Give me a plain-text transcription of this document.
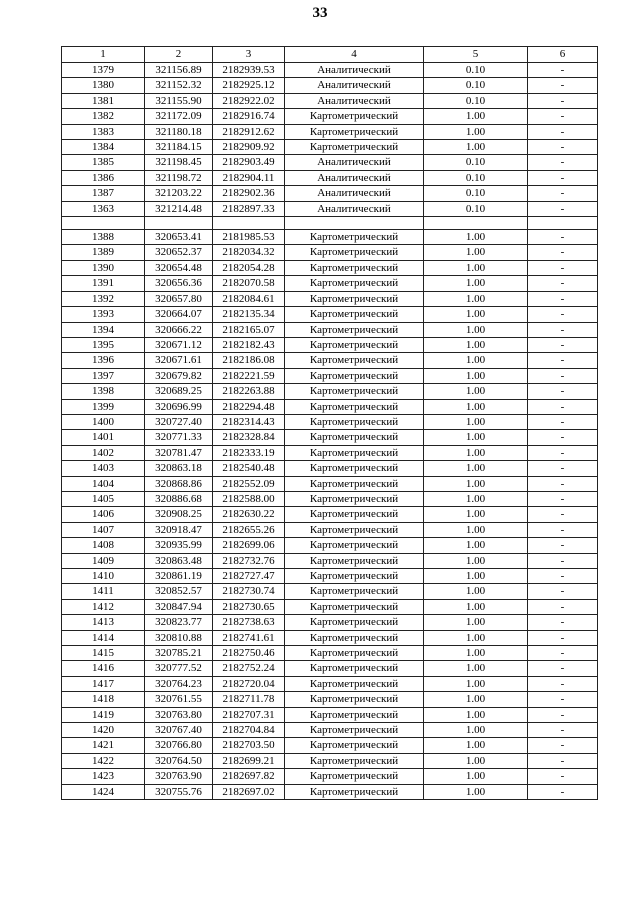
33
1	2	3	4	5	6
1379	321156.89	2182939.53	Аналитический	0.10	-
1380	321152.32	2182925.12	Аналитический	0.10	-
1381	321155.90	2182922.02	Аналитический	0.10	-
1382	321172.09	2182916.74	Картометрический	1.00	-
1383	321180.18	2182912.62	Картометрический	1.00	-
1384	321184.15	2182909.92	Картометрический	1.00	-
1385	321198.45	2182903.49	Аналитический	0.10	-
1386	321198.72	2182904.11	Аналитический	0.10	-
1387	321203.22	2182902.36	Аналитический	0.10	-
1363	321214.48	2182897.33	Аналитический	0.10	-

1388	320653.41	2181985.53	Картометрический	1.00	-
1389	320652.37	2182034.32	Картометрический	1.00	-
1390	320654.48	2182054.28	Картометрический	1.00	-
1391	320656.36	2182070.58	Картометрический	1.00	-
1392	320657.80	2182084.61	Картометрический	1.00	-
1393	320664.07	2182135.34	Картометрический	1.00	-
1394	320666.22	2182165.07	Картометрический	1.00	-
1395	320671.12	2182182.43	Картометрический	1.00	-
1396	320671.61	2182186.08	Картометрический	1.00	-
1397	320679.82	2182221.59	Картометрический	1.00	-
1398	320689.25	2182263.88	Картометрический	1.00	-
1399	320696.99	2182294.48	Картометрический	1.00	-
1400	320727.40	2182314.43	Картометрический	1.00	-
1401	320771.33	2182328.84	Картометрический	1.00	-
1402	320781.47	2182333.19	Картометрический	1.00	-
1403	320863.18	2182540.48	Картометрический	1.00	-
1404	320868.86	2182552.09	Картометрический	1.00	-
1405	320886.68	2182588.00	Картометрический	1.00	-
1406	320908.25	2182630.22	Картометрический	1.00	-
1407	320918.47	2182655.26	Картометрический	1.00	-
1408	320935.99	2182699.06	Картометрический	1.00	-
1409	320863.48	2182732.76	Картометрический	1.00	-
1410	320861.19	2182727.47	Картометрический	1.00	-
1411	320852.57	2182730.74	Картометрический	1.00	-
1412	320847.94	2182730.65	Картометрический	1.00	-
1413	320823.77	2182738.63	Картометрический	1.00	-
1414	320810.88	2182741.61	Картометрический	1.00	-
1415	320785.21	2182750.46	Картометрический	1.00	-
1416	320777.52	2182752.24	Картометрический	1.00	-
1417	320764.23	2182720.04	Картометрический	1.00	-
1418	320761.55	2182711.78	Картометрический	1.00	-
1419	320763.80	2182707.31	Картометрический	1.00	-
1420	320767.40	2182704.84	Картометрический	1.00	-
1421	320766.80	2182703.50	Картометрический	1.00	-
1422	320764.50	2182699.21	Картометрический	1.00	-
1423	320763.90	2182697.82	Картометрический	1.00	-
1424	320755.76	2182697.02	Картометрический	1.00	-
